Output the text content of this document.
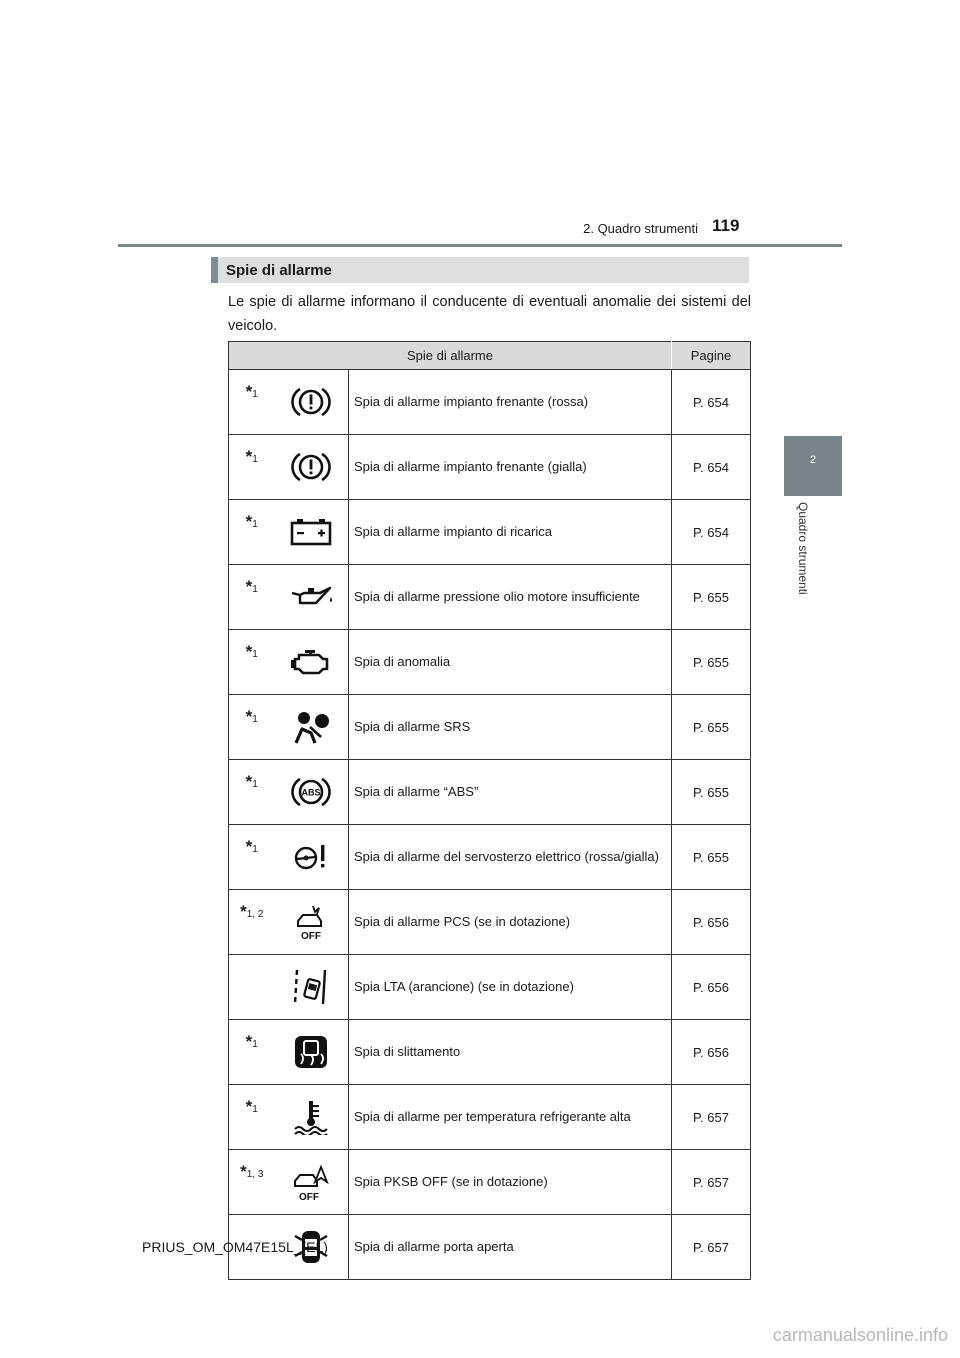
2. Quadro strumenti 119
2
Quadro strumenti
Spie di allarme
Le spie di allarme informano il conducente di eventuali anomalie dei sistemi del veicolo.
Spie di allarme			Pagine
*1		Spia di allarme impianto frenante (rossa)	P. 654
*1		Spia di allarme impianto frenante (gialla)	P. 654
*1		Spia di allarme impianto di ricarica	P. 654
*1		Spia di allarme pressione olio motore insufficiente	P. 655
*1		Spia di anomalia	P. 655
*1		Spia di allarme SRS	P. 655
*1	ABS	Spia di allarme “ABS”	P. 655
*1		Spia di allarme del servosterzo elettrico (rossa/gialla)	P. 655
*1, 2	OFF	Spia di allarme PCS (se in dotazione)	P. 656

	Spia LTA (arancione) (se in dotazione)	P. 656
*1		Spia di slittamento	P. 656
*1		Spia di allarme per temperatura refrigerante alta	P. 657
*1, 3	OFF	Spia PKSB OFF (se in dotazione)	P. 657

	Spia di allarme porta aperta	P. 657
PRIUS_OM_OM47E15L_(EL)
carmanualsonline.info
